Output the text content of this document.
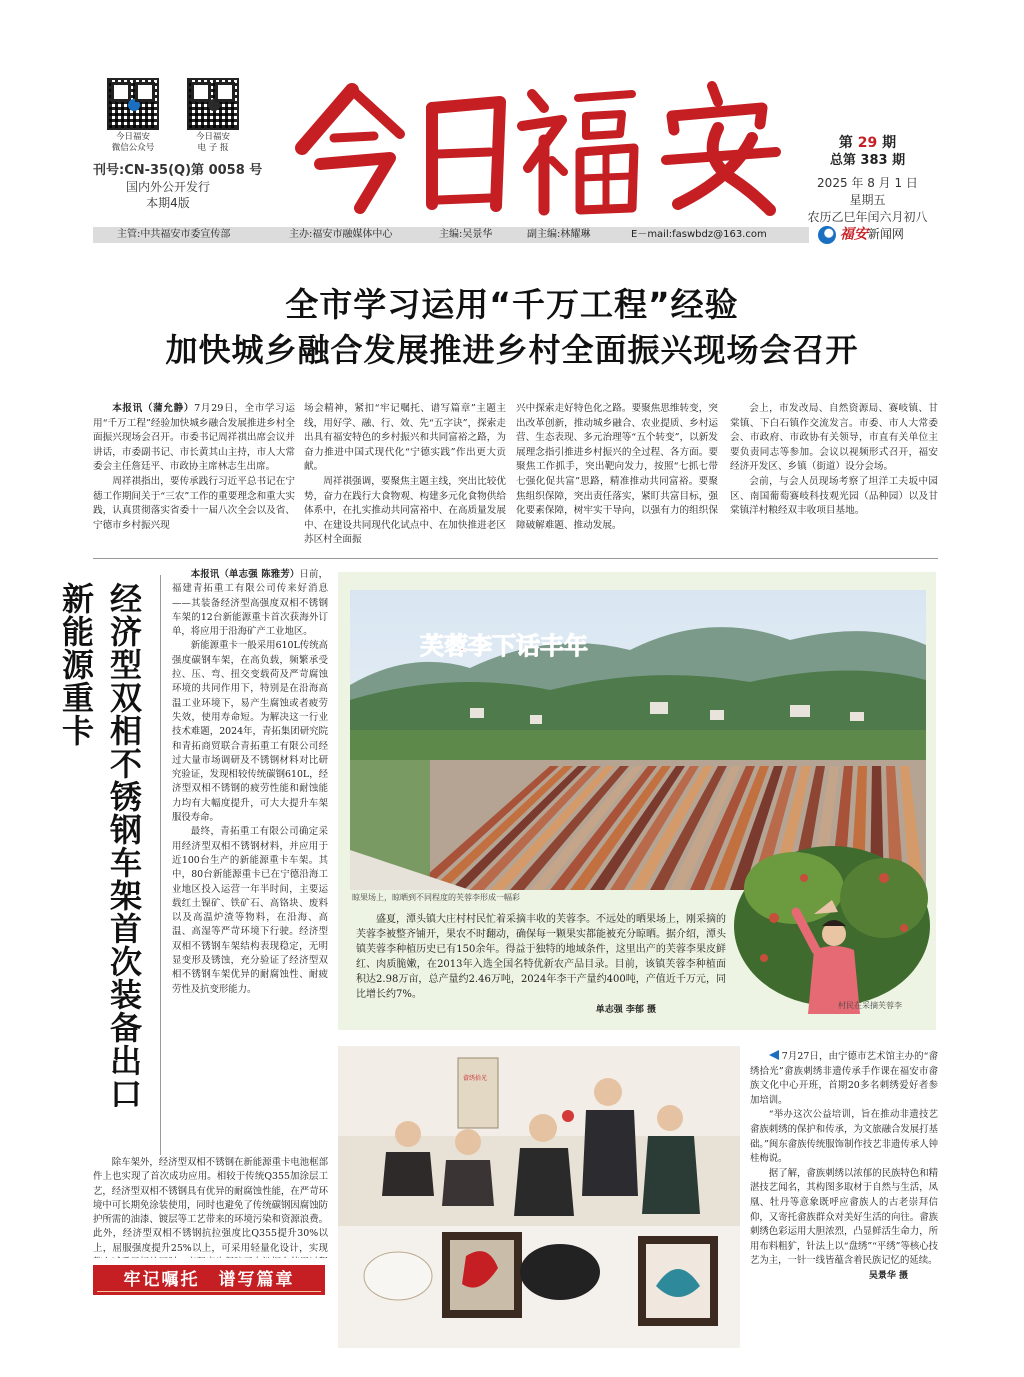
今日福安
微信公众号
今日福安
电 子 报
刊号:CN-35(Q)第 0058 号
国内外公开发行
本期4版
今日福安
第 29 期
总第 383 期
2025 年 8 月 1 日
星期五
农历乙巳年闰六月初八
主管:中共福安市委宣传部	主办:福安市融媒体中心	主编:吴景华	副主编:林耀琳	E－mail:faswbdz@163.com	福安新闻网
全市学习运用“千万工程”经验
加快城乡融合发展推进乡村全面振兴现场会召开

本报讯（蒲允静）7月29日，全市学习运用“千万工程”经验加快城乡融合发展推进乡村全面振兴现场会召开。市委书记周祥祺出席会议并讲话，市委副书记、市长黄其山主持，市人大常委会主任詹廷平、市政协主席林志生出席。

周祥祺指出，要传承践行习近平总书记在宁德工作期间关于“三农”工作的重要理念和重大实践，认真贯彻落实省委十一届八次全会以及省、宁德市乡村振兴现

场会精神，紧扣“牢记嘱托、谱写篇章”主题主线，用好学、融、行、效、先“五字诀”，探索走出具有福安特色的乡村振兴和共同富裕之路，为奋力推进中国式现代化“宁德实践”作出更大贡献。

周祥祺强调，要聚焦主题主线，突出比较优势，奋力在践行大食物观、构建多元化食物供给体系中，在扎实推动共同富裕中、在高质量发展中、在建设共同现代化试点中、在加快推进老区苏区村全面振

兴中探索走好特色化之路。要聚焦思维转变，突出改革创新，推动城乡融合、农业提质、乡村运营、生态表现、多元治理等“五个转变”，以新发展理念指引推进乡村振兴的全过程、各方面。要聚焦工作抓手，突出靶向发力，按照“七抓七带七强化促共富”思路，精准推动共同富裕。要聚焦组织保障，突出责任落实，紧盯共富目标，强化要素保障，树牢实干导向，以强有力的组织保障破解难题、推动发展。

会上，市发改局、自然资源局、赛岐镇、甘棠镇、下白石镇作交流发言。市委、市人大常委会、市政府、市政协有关领导，市直有关单位主要负责同志等参加。会议以视频形式召开，福安经济开发区、乡镇（街道）设分会场。

会前，与会人员现场考察了坦洋工夫坂中园区、南国葡萄赛岐科技观光园（品种园）以及甘棠镇洋村粮经双丰收项目基地。

经济型双相不锈钢车架首次装备出口新能源重卡

本报讯（单志强 陈雅芳）日前，福建青拓重工有限公司传来好消息——其装备经济型高强度双相不锈钢车架的12台新能源重卡首次获海外订单，将应用于沿海矿产工业地区。

新能源重卡一般采用610L传统高强度碳钢车架，在高负载，频繁承受拉、压、弯、扭交变载荷及严苛腐蚀环境的共同作用下，特别是在沿海高温工业环境下，易产生腐蚀或者疲劳失效，使用寿命短。为解决这一行业技术难题，2024年，青拓集团研究院和青拓商贸联合青拓重工有限公司经过大量市场调研及不锈钢材料对比研究验证，发现相较传统碳钢610L，经济型双相不锈钢的疲劳性能和耐蚀能力均有大幅度提升，可大大提升车架服役寿命。

最终，青拓重工有限公司确定采用经济型双相不锈钢材料，并应用于近100台生产的新能源重卡车架。其中，80台新能源重卡已在宁德沿海工业地区投入运营一年半时间，主要运载红土镍矿、铁矿石、高铬块、废料以及高温炉渣等物料，在沿海、高温、高湿等严苛环境下行驶。经济型双相不锈钢车架结构表现稳定，无明显变形及锈蚀，充分验证了经济型双相不锈钢车架优异的耐腐蚀性、耐疲劳性及抗变形能力。

除车架外，经济型双相不锈钢在新能源重卡电池框部件上也实现了首次成功应用。相较于传统Q355加涂层工艺，经济型双相不锈钢具有优异的耐腐蚀性能，在严苛环境中可长期免涂装使用，同时也避免了传统碳钢因腐蚀防护所需的油漆、镀层等工艺带来的环境污染和资源浪费。此外，经济型双相不锈钢抗拉强度比Q355提升30%以上，屈服强度提升25%以上，可采用轻量化设计，实现

芙蓉李下话丰年
晾果场上，晾晒到不同程度的芙蓉李形成一幅彩

盛夏，潭头镇大庄村村民忙着采摘丰收的芙蓉李。不远处的晒果场上，刚采摘的芙蓉李被整齐铺开，果农不时翻动，确保每一颗果实都能被充分晾晒。据介绍，潭头镇芙蓉李种植历史已有150余年。得益于独特的地域条件，这里出产的芙蓉李果皮鲜红、肉质脆嫩，在2013年入选全国名特优新农产品目录。目前，该镇芙蓉李种植面积达2.98万亩，总产量约2.46万吨，2024年李干产量约400吨，产值近千万元，同比增长约7%。

单志强 李郁 摄	村民在采摘芙蓉李
畲绣拾光

7月27日，由宁德市艺术馆主办的“畲绣拾光”畲族刺绣非遗传承手作课在福安市畲族文化中心开班，首期20多名刺绣爱好者参加培训。

“举办这次公益培训，旨在推动非遗技艺畲族刺绣的保护和传承，为文旅融合发展打基础。”闽东畲族传统服饰制作技艺非遗传承人钟桂梅说。

据了解，畲族刺绣以浓郁的民族特色和精湛技艺闻名，其构图多取材于自然与生活，凤凰、牡丹等意象既呼应畲族人的古老崇拜信仰，又寄托畲族群众对美好生活的向往。畲族刺绣色彩运用大胆浓烈，凸显鲜活生命力，所用布料粗犷，针法上以“盘绣”“平绣”等核心技艺为主，一针一线皆蕴含着民族记忆的延续。

吴景华 摄
牢记嘱托　谱写篇章
